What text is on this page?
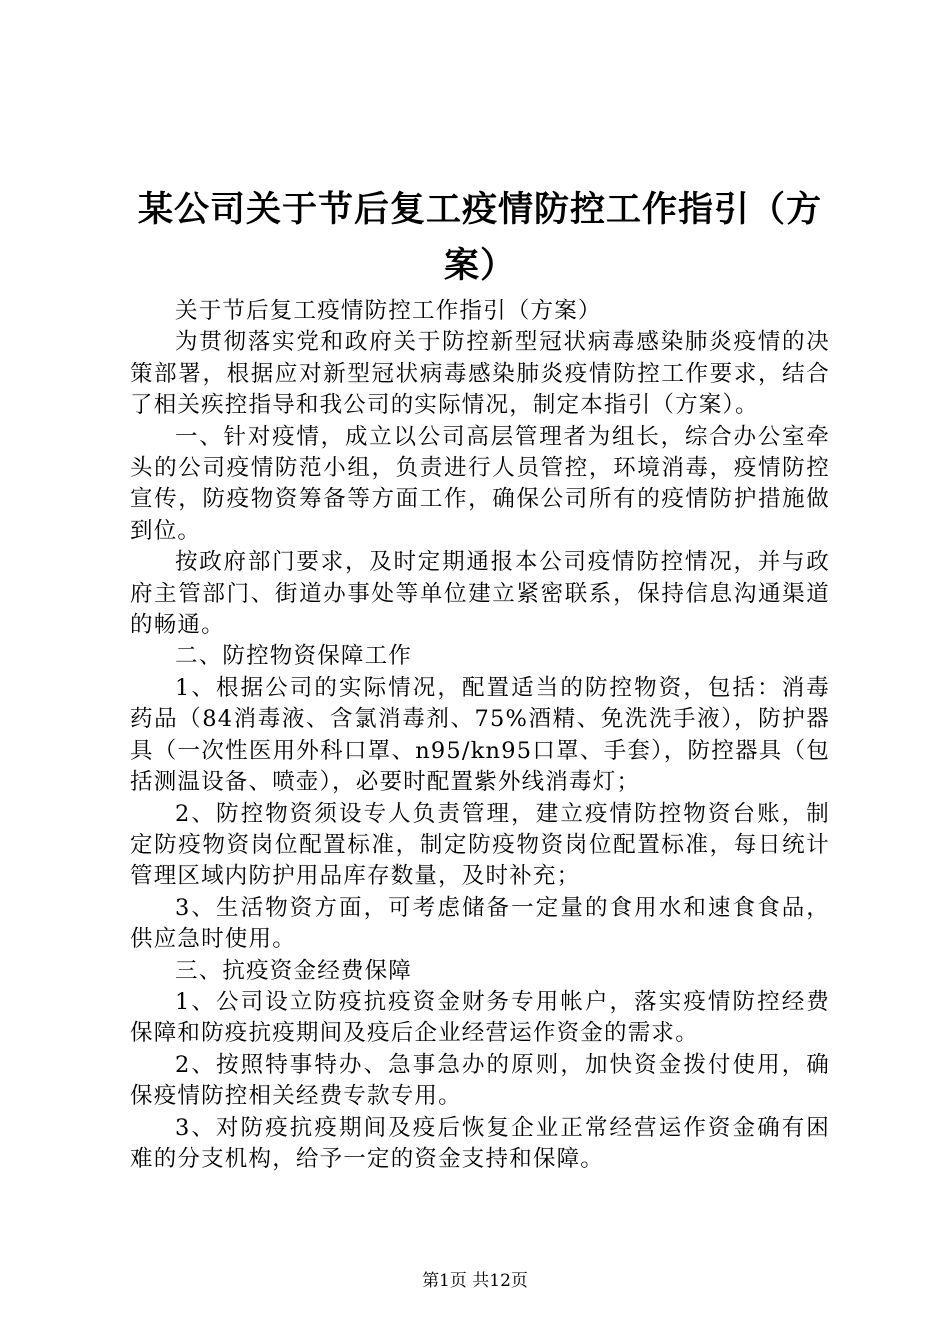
某公司关于节后复工疫情防控工作指引（方
案）

关于节后复工疫情防控工作指引（方案）

为贯彻落实党和政府关于防控新型冠状病毒感染肺炎疫情的决策部署，根据应对新型冠状病毒感染肺炎疫情防控工作要求，结合了相关疾控指导和我公司的实际情况，制定本指引（方案）。

一、针对疫情，成立以公司高层管理者为组长，综合办公室牵头的公司疫情防范小组，负责进行人员管控，环境消毒，疫情防控宣传，防疫物资筹备等方面工作，确保公司所有的疫情防护措施做到位。

按政府部门要求，及时定期通报本公司疫情防控情况，并与政府主管部门、街道办事处等单位建立紧密联系，保持信息沟通渠道的畅通。

二、防控物资保障工作

1、根据公司的实际情况，配置适当的防控物资，包括：消毒药品（84消毒液、含氯消毒剂、75%酒精、免洗洗手液），防护器具（一次性医用外科口罩、n95/kn95口罩、手套），防控器具（包括测温设备、喷壶），必要时配置紫外线消毒灯；

2、防控物资须设专人负责管理，建立疫情防控物资台账，制定防疫物资岗位配置标准，制定防疫物资岗位配置标准，每日统计管理区域内防护用品库存数量，及时补充；

3、生活物资方面，可考虑储备一定量的食用水和速食食品，供应急时使用。

三、抗疫资金经费保障

1、公司设立防疫抗疫资金财务专用帐户，落实疫情防控经费保障和防疫抗疫期间及疫后企业经营运作资金的需求。

2、按照特事特办、急事急办的原则，加快资金拨付使用，确保疫情防控相关经费专款专用。

3、对防疫抗疫期间及疫后恢复企业正常经营运作资金确有困难的分支机构，给予一定的资金支持和保障。

第1页 共12页
